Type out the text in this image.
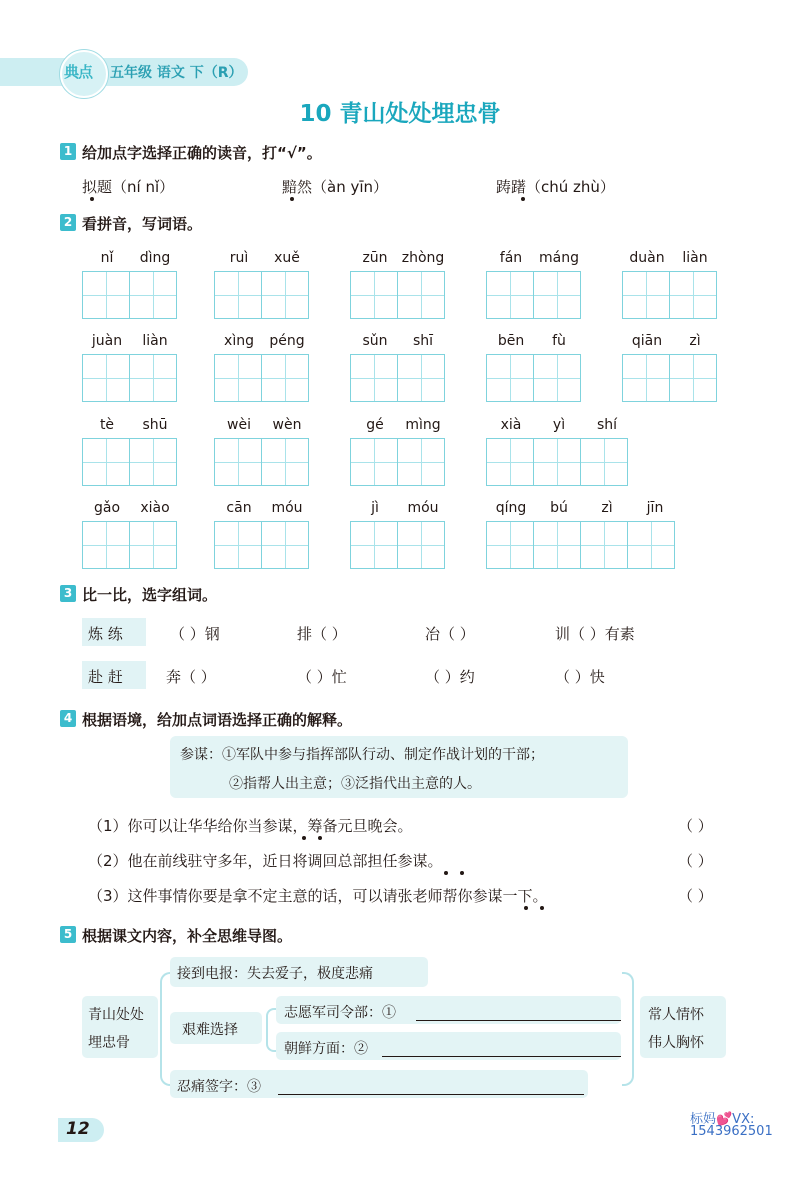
典点 五年级 语文 下（R）
10 青山处处埋忠骨
1 给加点字选择正确的读音，打“√”。
拟题（ní nǐ）	黯然（àn yīn）	踌躇（chú zhù）
2 看拼音，写词语。
nǐ	dìng	ruì	xuě	zūn	zhòng	fán	máng	duàn	liàn
juàn	liàn	xìng	péng	sǔn	shī	bēn	fù	qiān	zì
tè	shū	wèi	wèn	gé	mìng	xià	yì	shí
gǎo	xiào	cān	móu	jì	móu	qíng	bú	zì	jīn
3 比一比，选字组词。
炼 练	（ ）钢	排（ ）	冶（ ）	训（ ）有素
赴 赶	奔（ ）	（ ）忙	（ ）约	（ ）快
4 根据语境，给加点词语选择正确的解释。
参谋：①军队中参与指挥部队行动、制定作战计划的干部；
②指帮人出主意；③泛指代出主意的人。
（1）你可以让华华给你当参谋，筹备元旦晚会。	（ ）
（2）他在前线驻守多年，近日将调回总部担任参谋。	（ ）
（3）这件事情你要是拿不定主意的话，可以请张老师帮你参谋一下。	（ ）
5 根据课文内容，补全思维导图。
青山处处
埋忠骨
接到电报：失去爱子，极度悲痛
艰难选择
志愿军司令部：①
朝鲜方面：②
忍痛签字：③
常人情怀
伟人胸怀
12	标妈💕VX:
1543962501
